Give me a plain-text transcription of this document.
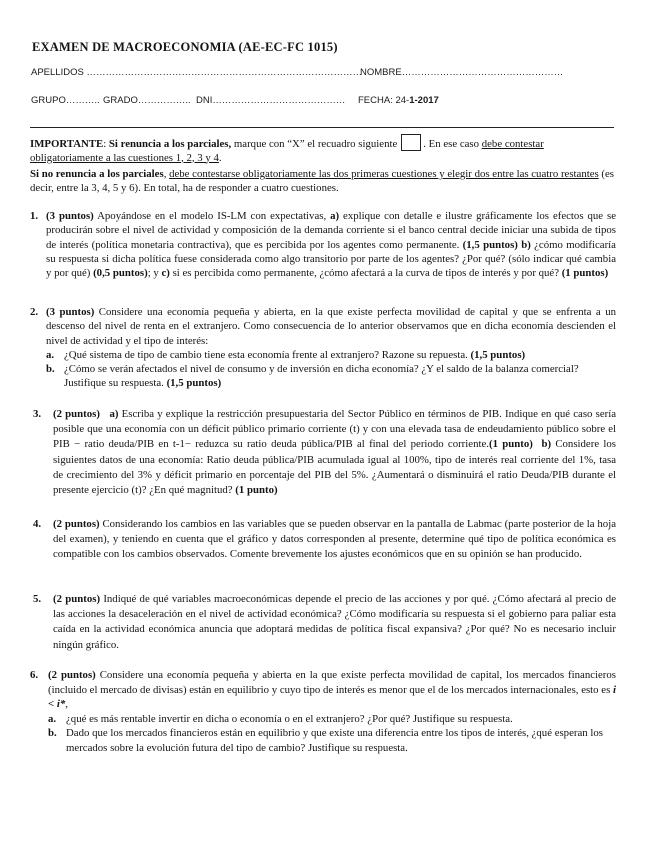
EXAMEN DE MACROECONOMIA (AE-EC-FC 1015)
APELLIDOS ……………………………………………………………………………
NOMBRE……………………………………………
GRUPO……….. GRADO…………….. DNI…………………………………… FECHA: 24-1-2017
IMPORTANTE: Si renuncia a los parciales, marque con “X” el recuadro siguiente . En ese caso debe contestar obligatoriamente a las cuestiones 1, 2, 3 y 4.
Si no renuncia a los parciales, debe contestarse obligatoriamente las dos primeras cuestiones y elegir dos entre las cuatro restantes (es decir, entre la 3, 4, 5 y 6). En total, ha de responder a cuatro cuestiones.
1. (3 puntos) Apoyándose en el modelo IS-LM con expectativas, a) explique con detalle e ilustre gráficamente los efectos que se producirán sobre el nivel de actividad y composición de la demanda corriente si el banco central decide iniciar una subida de tipos de interés (política monetaria contractiva), que es percibida por los agentes como permanente. (1,5 puntos) b) ¿cómo modificaría su respuesta si dicha política fuese considerada como algo transitorio por parte de los agentes? ¿Por qué? (sólo indicar qué cambia y por qué) (0,5 puntos); y c) si es percibida como permanente, ¿cómo afectará a la curva de tipos de interés y por qué? (1 puntos)
2. (3 puntos) Considere una economía pequeña y abierta, en la que existe perfecta movilidad de capital y que se enfrenta a un descenso del nivel de renta en el extranjero. Como consecuencia de lo anterior observamos que en dicha economía descienden el nivel de actividad y el tipo de interés:
a. ¿Qué sistema de tipo de cambio tiene esta economía frente al extranjero? Razone su repuesta. (1,5 puntos)
b. ¿Cómo se verán afectados el nivel de consumo y de inversión en dicha economía? ¿Y el saldo de la balanza comercial? Justifique su respuesta. (1,5 puntos)
3. (2 puntos) a) Escriba y explique la restricción presupuestaria del Sector Público en términos de PIB. Indique en qué caso sería posible que una economía con un déficit público primario corriente (t) y con una elevada tasa de endeudamiento público sobre el PIB − ratio deuda/PIB en t-1− reduzca su ratio deuda pública/PIB al final del periodo corriente.(1 punto) b) Considere los siguientes datos de una economía: Ratio deuda pública/PIB acumulada igual al 100%, tipo de interés real corriente del 1%, tasa de crecimiento del 3% y déficit primario en porcentaje del PIB del 5%. ¿Aumentará o disminuirá el ratio Deuda/PIB durante el presente ejercicio (t)? ¿En qué magnitud? (1 punto)
4. (2 puntos) Considerando los cambios en las variables que se pueden observar en la pantalla de Labmac (parte posterior de la hoja del examen), y teniendo en cuenta que el gráfico y datos corresponden al presente, determine qué tipo de política económica es compatible con los cambios observados. Comente brevemente los ajustes económicos que en su opinión se han producido.
5. (2 puntos) Indiqué de qué variables macroeconómicas depende el precio de las acciones y por qué. ¿Cómo afectará al precio de las acciones la desaceleración en el nivel de actividad económica? ¿Cómo modificaría su respuesta si el gobierno para paliar esta caída en la actividad económica anuncia que adoptará medidas de política fiscal expansiva? ¿Por qué? No es necesario incluir ningún gráfico.
6. (2 puntos) Considere una economía pequeña y abierta en la que existe perfecta movilidad de capital, los mercados financieros (incluido el mercado de divisas) están en equilibrio y cuyo tipo de interés es menor que el de los mercados internacionales, esto es i < i*,
a. ¿qué es más rentable invertir en dicha o economía o en el extranjero? ¿Por qué? Justifique su respuesta.
b. Dado que los mercados financieros están en equilibrio y que existe una diferencia entre los tipos de interés, ¿qué esperan los mercados sobre la evolución futura del tipo de cambio? Justifique su respuesta.
